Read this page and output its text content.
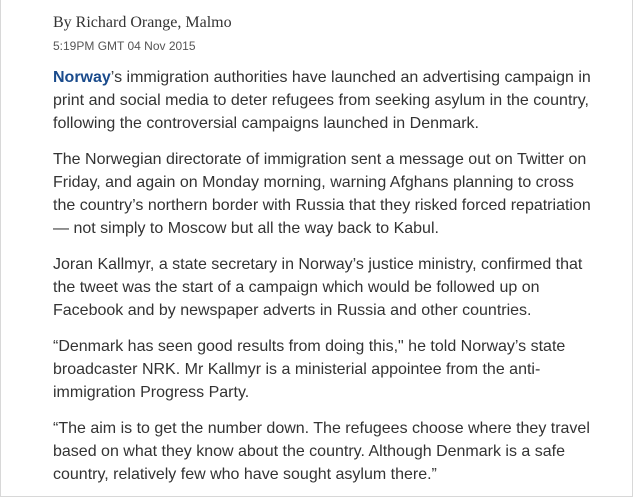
By Richard Orange, Malmo
5:19PM GMT 04 Nov 2015

Norway’s immigration authorities have launched an advertising campaign in
print and social media to deter refugees from seeking asylum in the country,
following the controversial campaigns launched in Denmark.

The Norwegian directorate of immigration sent a message out on Twitter on
Friday, and again on Monday morning, warning Afghans planning to cross
the country’s northern border with Russia that they risked forced repatriation
— not simply to Moscow but all the way back to Kabul.

Joran Kallmyr, a state secretary in Norway’s justice ministry, confirmed that
the tweet was the start of a campaign which would be followed up on
Facebook and by newspaper adverts in Russia and other countries.

“Denmark has seen good results from doing this," he told Norway’s state
broadcaster NRK. Mr Kallmyr is a ministerial appointee from the anti-
immigration Progress Party.

“The aim is to get the number down. The refugees choose where they travel
based on what they know about the country. Although Denmark is a safe
country, relatively few who have sought asylum there.”
